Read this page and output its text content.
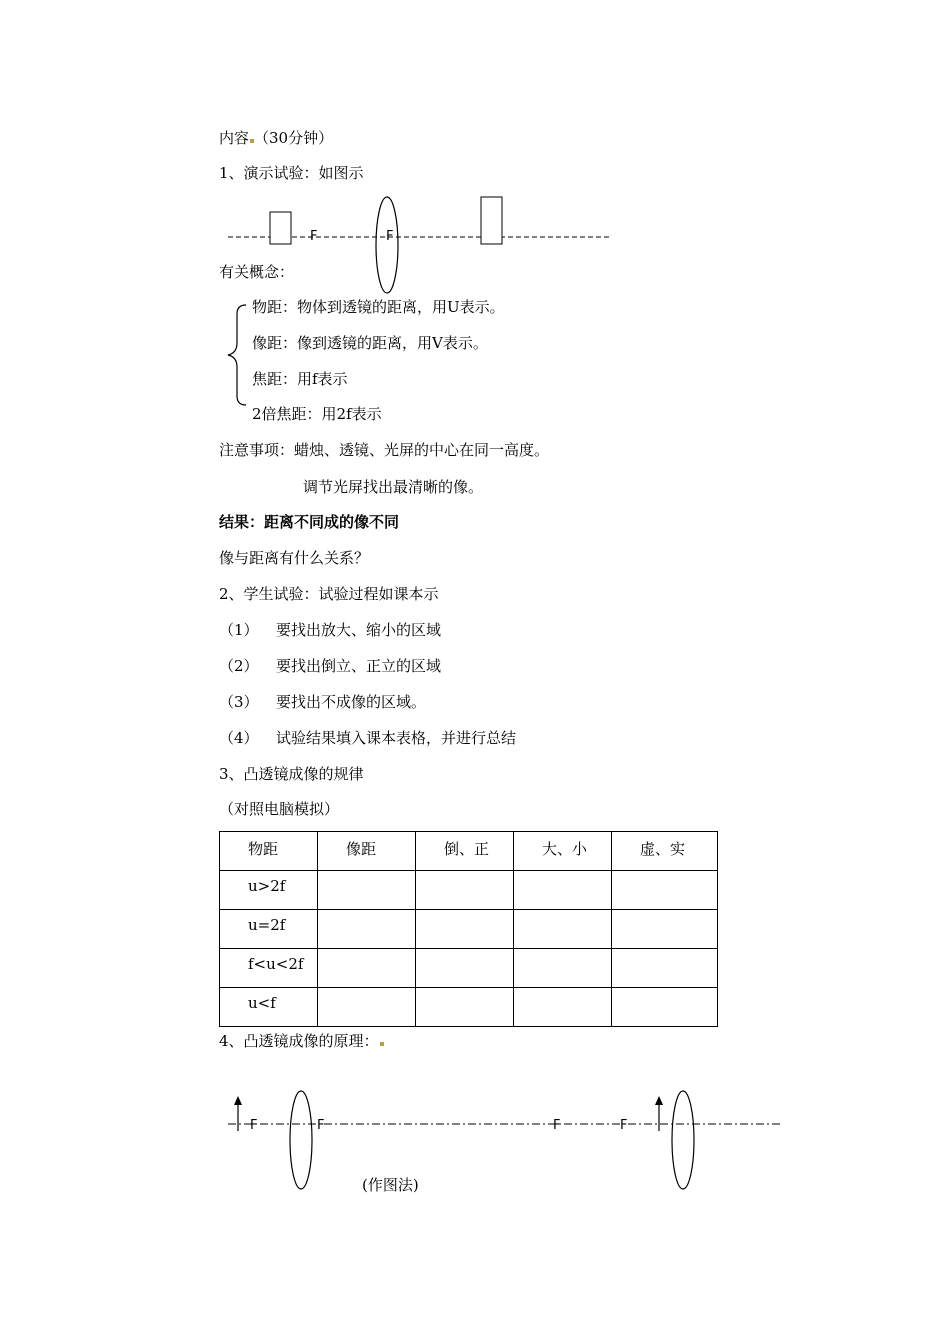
内容 （30分钟）
1、演示试验：如图示
F	F
F	F	F	F
有关概念：
物距：物体到透镜的距离，用U表示。
像距：像到透镜的距离，用V表示。
焦距：用f表示
2倍焦距：用2f表示
注意事项：蜡烛、透镜、光屏的中心在同一高度。
调节光屏找出最清晰的像。
结果：距离不同成的像不同
像与距离有什么关系？
2、学生试验：试验过程如课本示
（1） 要找出放大、缩小的区域
（2） 要找出倒立、正立的区域
（3） 要找出不成像的区域。
（4） 试验结果填入课本表格，并进行总结
3、凸透镜成像的规律
（对照电脑模拟）
物距	像距	倒、正	大、小	虚、实

u>2f				

u=2f				

f<u<2f				

u<f				

4、凸透镜成像的原理：
(作图法)
